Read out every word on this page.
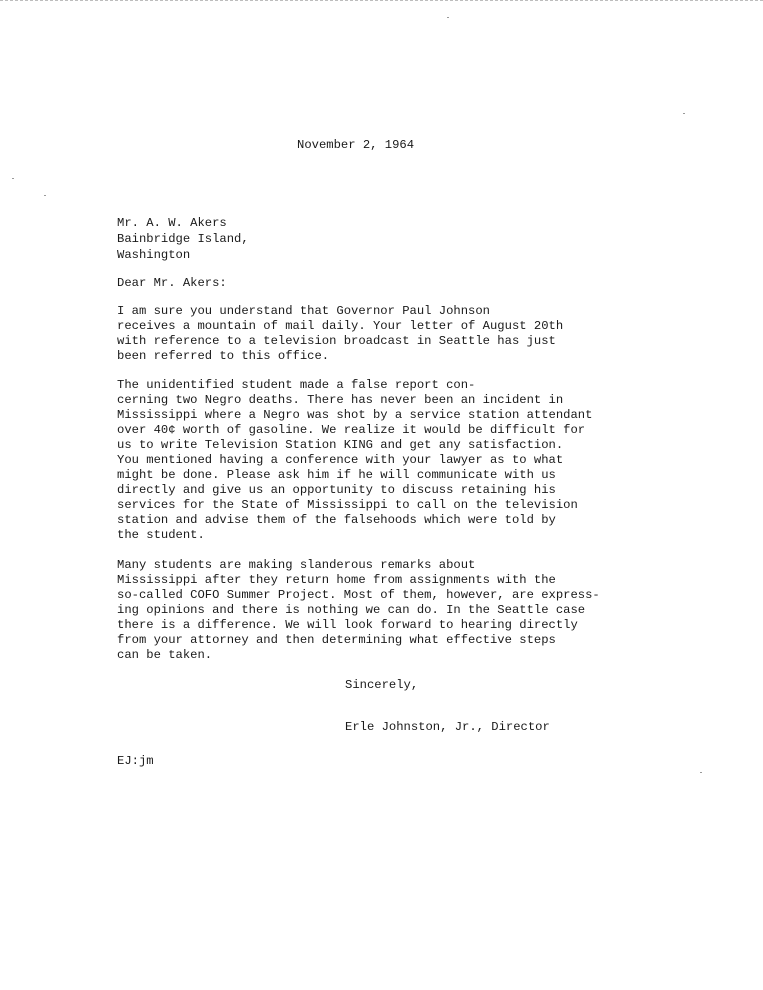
November 2, 1964
Mr. A. W. Akers
Bainbridge Island,
Washington
Dear Mr. Akers:
I am sure you understand that Governor Paul Johnson
receives a mountain of mail daily. Your letter of August 20th
with reference to a television broadcast in Seattle has just
been referred to this office.
The unidentified student made a false report con-
cerning two Negro deaths. There has never been an incident in
Mississippi where a Negro was shot by a service station attendant
over 40¢ worth of gasoline. We realize it would be difficult for
us to write Television Station KING and get any satisfaction.
You mentioned having a conference with your lawyer as to what
might be done. Please ask him if he will communicate with us
directly and give us an opportunity to discuss retaining his
services for the State of Mississippi to call on the television
station and advise them of the falsehoods which were told by
the student.
Many students are making slanderous remarks about
Mississippi after they return home from assignments with the
so-called COFO Summer Project. Most of them, however, are express-
ing opinions and there is nothing we can do. In the Seattle case
there is a difference. We will look forward to hearing directly
from your attorney and then determining what effective steps
can be taken.
Sincerely,
Erle Johnston, Jr., Director
EJ:jm
